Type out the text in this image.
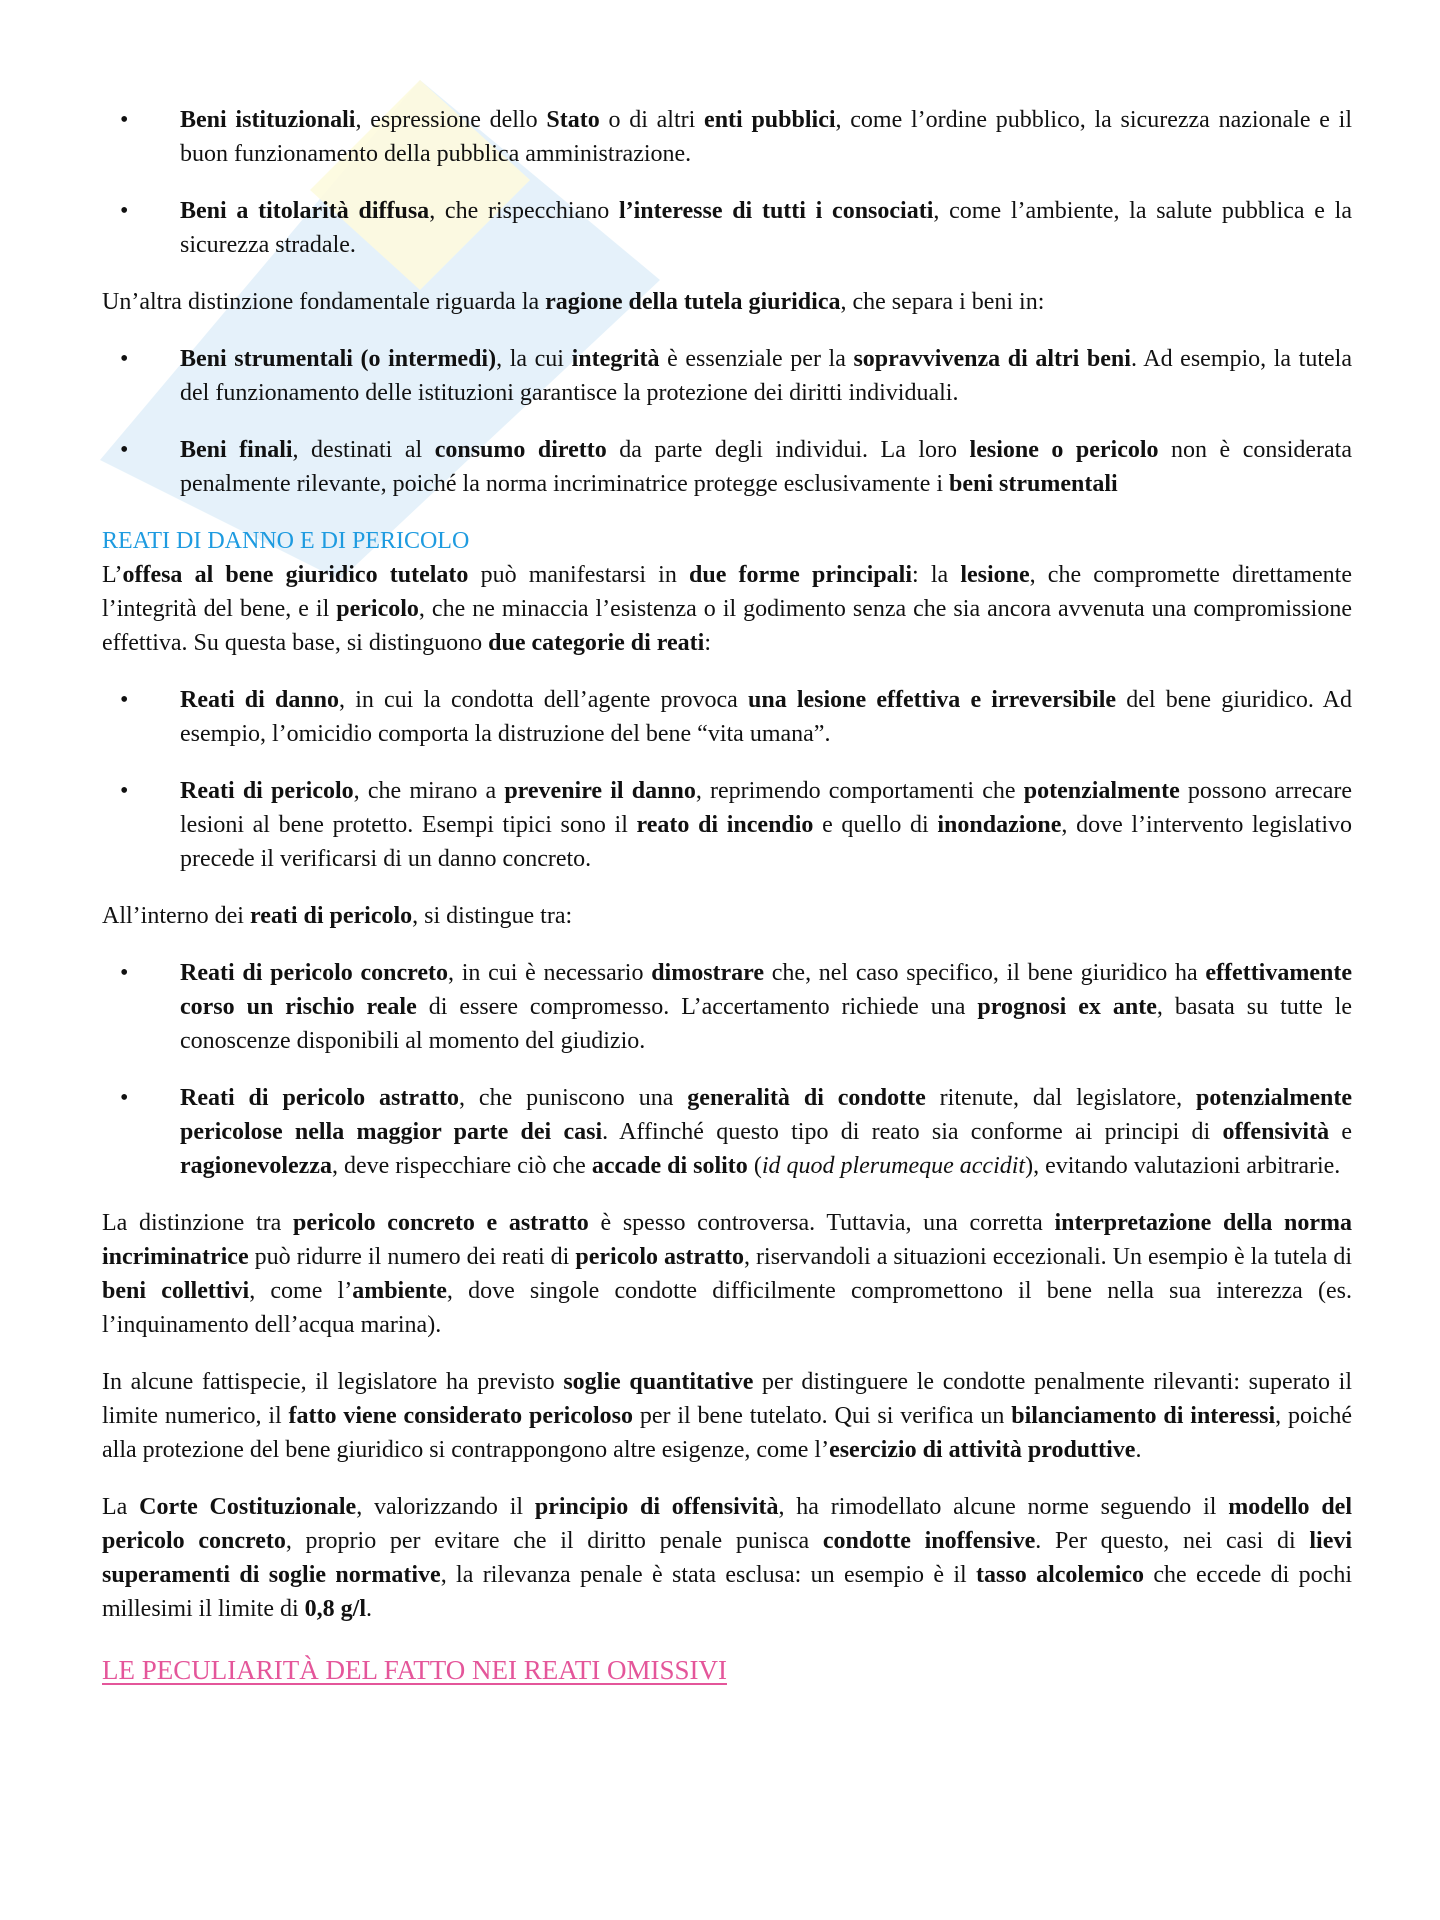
• Beni istituzionali, espressione dello Stato o di altri enti pubblici, come l’ordine pubblico, la sicurezza nazionale e il buon funzionamento della pubblica amministrazione.
• Beni a titolarità diffusa, che rispecchiano l’interesse di tutti i consociati, come l’ambiente, la salute pubblica e la sicurezza stradale.
Un’altra distinzione fondamentale riguarda la ragione della tutela giuridica, che separa i beni in:
• Beni strumentali (o intermedi), la cui integrità è essenziale per la sopravvivenza di altri beni. Ad esempio, la tutela del funzionamento delle istituzioni garantisce la protezione dei diritti individuali.
• Beni finali, destinati al consumo diretto da parte degli individui. La loro lesione o pericolo non è considerata penalmente rilevante, poiché la norma incriminatrice protegge esclusivamente i beni strumentali
REATI DI DANNO E DI PERICOLO
L’offesa al bene giuridico tutelato può manifestarsi in due forme principali: la lesione, che compromette direttamente l’integrità del bene, e il pericolo, che ne minaccia l’esistenza o il godimento senza che sia ancora avvenuta una compromissione effettiva. Su questa base, si distinguono due categorie di reati:
• Reati di danno, in cui la condotta dell’agente provoca una lesione effettiva e irreversibile del bene giuridico. Ad esempio, l’omicidio comporta la distruzione del bene “vita umana”.
• Reati di pericolo, che mirano a prevenire il danno, reprimendo comportamenti che potenzialmente possono arrecare lesioni al bene protetto. Esempi tipici sono il reato di incendio e quello di inondazione, dove l’intervento legislativo precede il verificarsi di un danno concreto.
All’interno dei reati di pericolo, si distingue tra:
• Reati di pericolo concreto, in cui è necessario dimostrare che, nel caso specifico, il bene giuridico ha effettivamente corso un rischio reale di essere compromesso. L’accertamento richiede una prognosi ex ante, basata su tutte le conoscenze disponibili al momento del giudizio.
• Reati di pericolo astratto, che puniscono una generalità di condotte ritenute, dal legislatore, potenzialmente pericolose nella maggior parte dei casi. Affinché questo tipo di reato sia conforme ai principi di offensività e ragionevolezza, deve rispecchiare ciò che accade di solito (id quod plerumeque accidit), evitando valutazioni arbitrarie.
La distinzione tra pericolo concreto e astratto è spesso controversa. Tuttavia, una corretta interpretazione della norma incriminatrice può ridurre il numero dei reati di pericolo astratto, riservandoli a situazioni eccezionali. Un esempio è la tutela di beni collettivi, come l’ambiente, dove singole condotte difficilmente compromettono il bene nella sua interezza (es. l’inquinamento dell’acqua marina).
In alcune fattispecie, il legislatore ha previsto soglie quantitative per distinguere le condotte penalmente rilevanti: superato il limite numerico, il fatto viene considerato pericoloso per il bene tutelato. Qui si verifica un bilanciamento di interessi, poiché alla protezione del bene giuridico si contrappongono altre esigenze, come l’esercizio di attività produttive.
La Corte Costituzionale, valorizzando il principio di offensività, ha rimodellato alcune norme seguendo il modello del pericolo concreto, proprio per evitare che il diritto penale punisca condotte inoffensive. Per questo, nei casi di lievi superamenti di soglie normative, la rilevanza penale è stata esclusa: un esempio è il tasso alcolemico che eccede di pochi millesimi il limite di 0,8 g/l.
LE PECULIARITÀ DEL FATTO NEI REATI OMISSIVI
